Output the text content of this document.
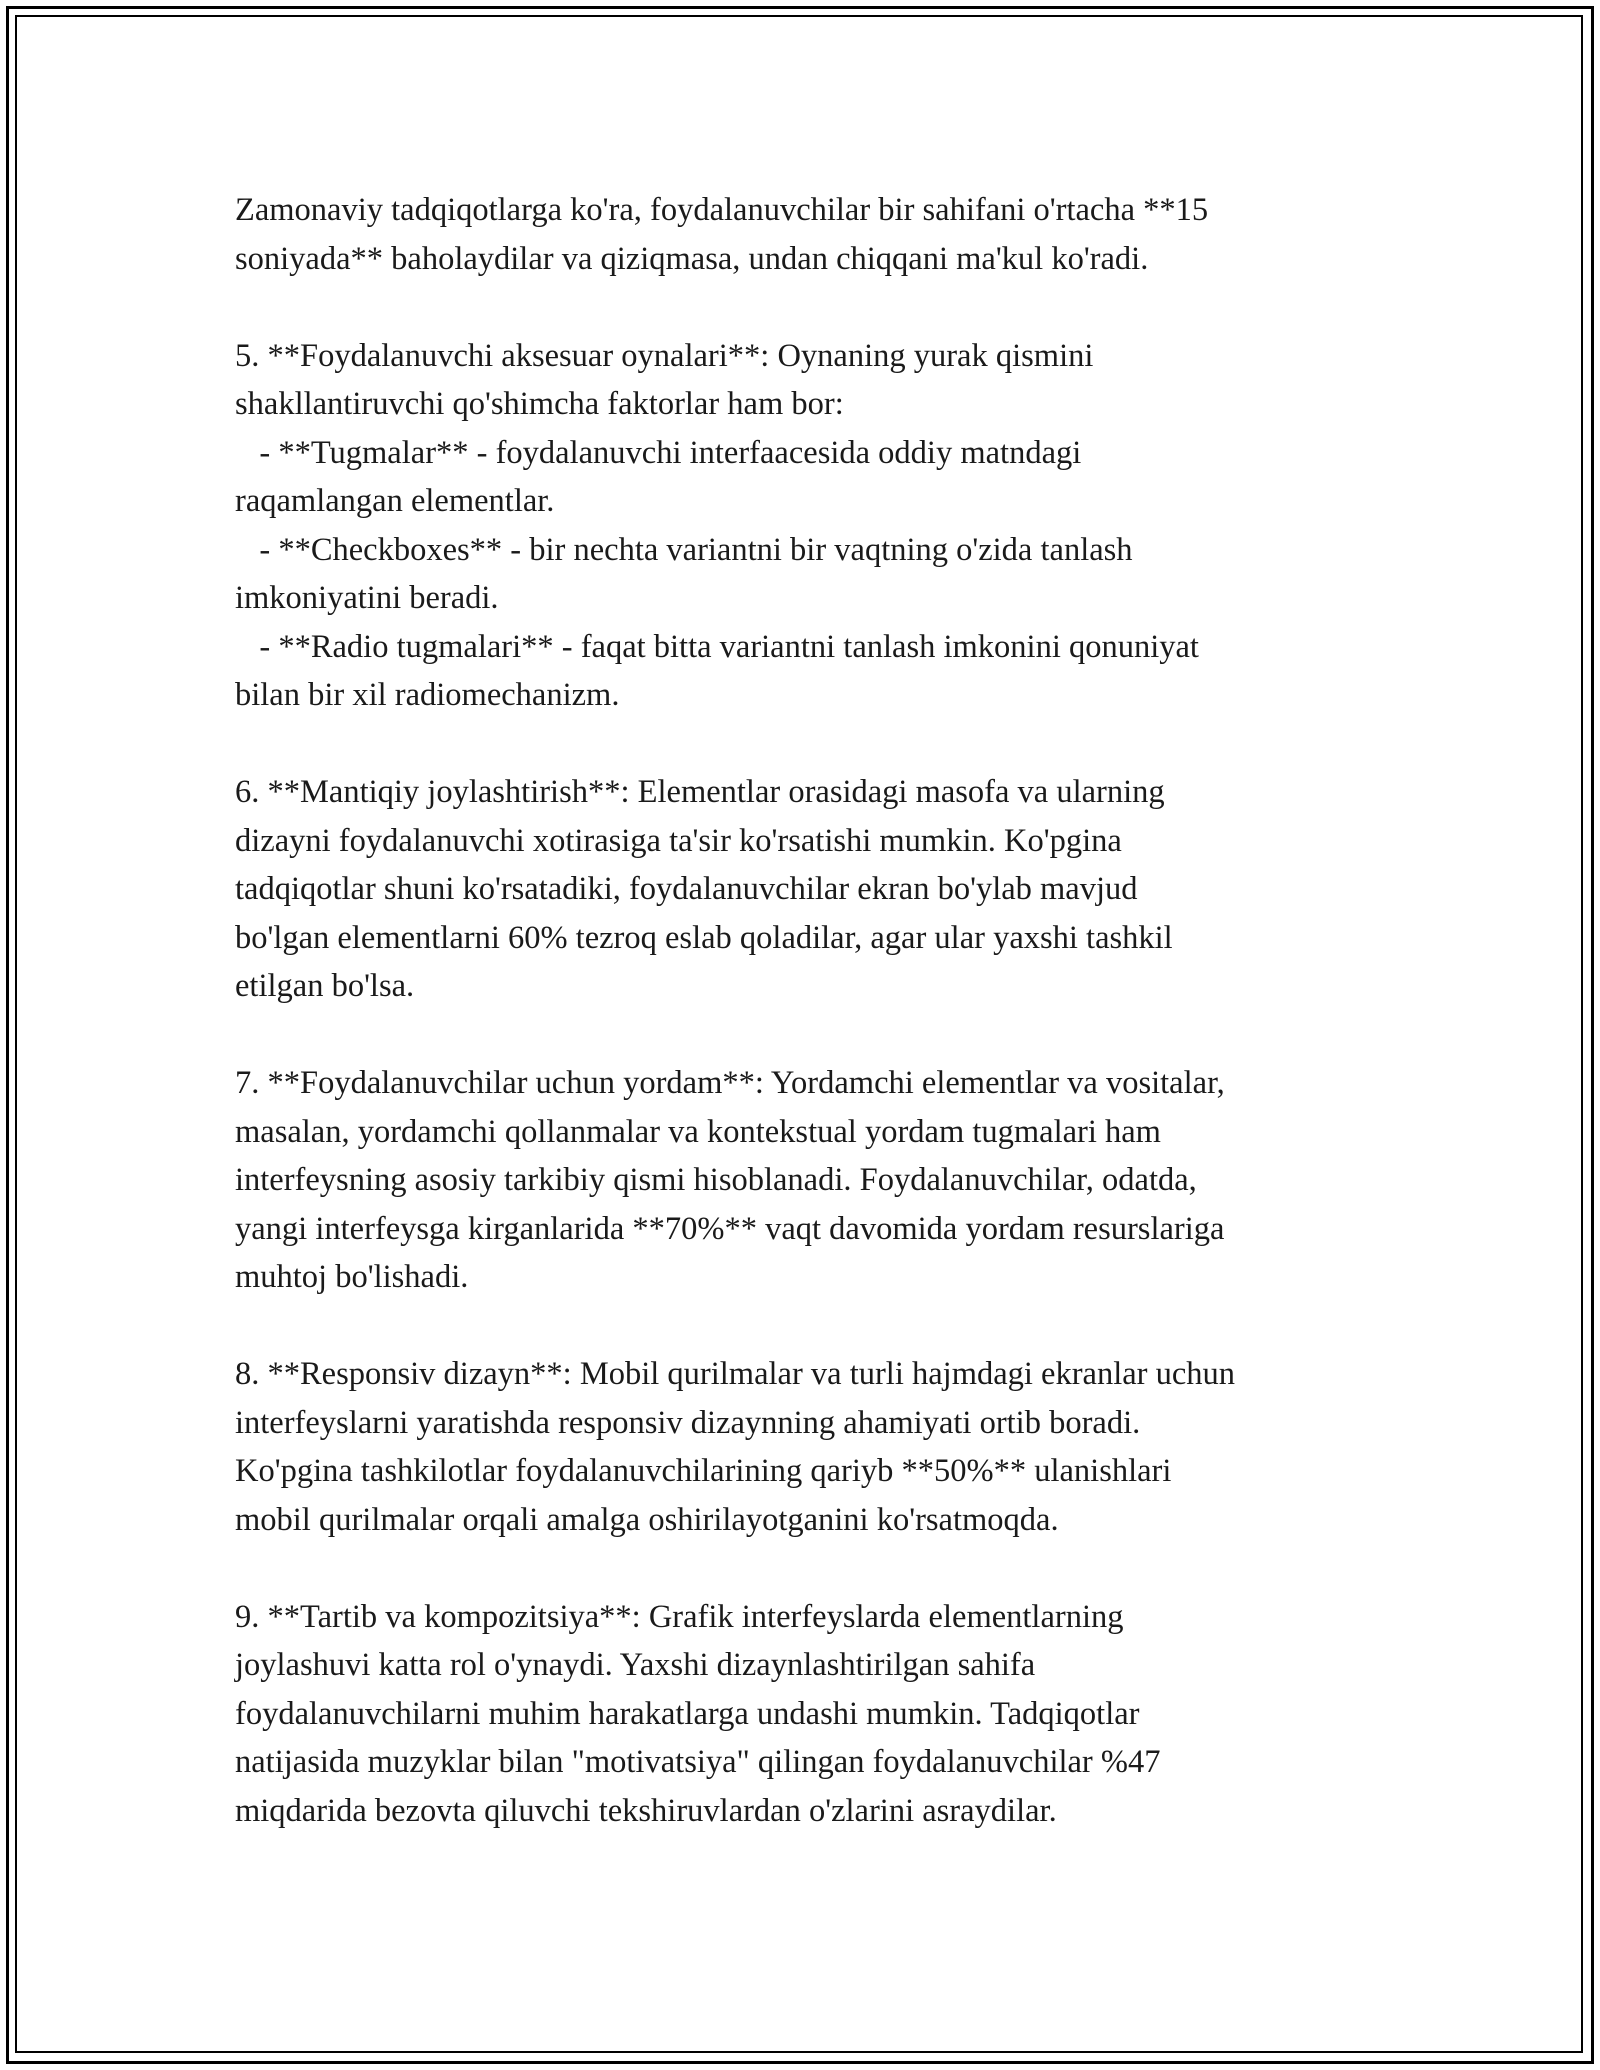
Zamonaviy tadqiqotlarga ko'ra, foydalanuvchilar bir sahifani o'rtacha **15
soniyada** baholaydilar va qiziqmasa, undan chiqqani ma'kul ko'radi.

5. **Foydalanuvchi aksesuar oynalari**: Oynaning yurak qismini
shakllantiruvchi qo'shimcha faktorlar ham bor:
- **Tugmalar** - foydalanuvchi interfaacesida oddiy matndagi
raqamlangan elementlar.
- **Checkboxes** - bir nechta variantni bir vaqtning o'zida tanlash
imkoniyatini beradi.
- **Radio tugmalari** - faqat bitta variantni tanlash imkonini qonuniyat
bilan bir xil radiomechanizm.

6. **Mantiqiy joylashtirish**: Elementlar orasidagi masofa va ularning
dizayni foydalanuvchi xotirasiga ta'sir ko'rsatishi mumkin. Ko'pgina
tadqiqotlar shuni ko'rsatadiki, foydalanuvchilar ekran bo'ylab mavjud
bo'lgan elementlarni 60% tezroq eslab qoladilar, agar ular yaxshi tashkil
etilgan bo'lsa.

7. **Foydalanuvchilar uchun yordam**: Yordamchi elementlar va vositalar,
masalan, yordamchi qollanmalar va kontekstual yordam tugmalari ham
interfeysning asosiy tarkibiy qismi hisoblanadi. Foydalanuvchilar, odatda,
yangi interfeysga kirganlarida **70%** vaqt davomida yordam resurslariga
muhtoj bo'lishadi.

8. **Responsiv dizayn**: Mobil qurilmalar va turli hajmdagi ekranlar uchun
interfeyslarni yaratishda responsiv dizaynning ahamiyati ortib boradi.
Ko'pgina tashkilotlar foydalanuvchilarining qariyb **50%** ulanishlari
mobil qurilmalar orqali amalga oshirilayotganini ko'rsatmoqda.

9. **Tartib va kompozitsiya**: Grafik interfeyslarda elementlarning
joylashuvi katta rol o'ynaydi. Yaxshi dizaynlashtirilgan sahifa
foydalanuvchilarni muhim harakatlarga undashi mumkin. Tadqiqotlar
natijasida muzyklar bilan "motivatsiya" qilingan foydalanuvchilar %47
miqdarida bezovta qiluvchi tekshiruvlardan o'zlarini asraydilar.
